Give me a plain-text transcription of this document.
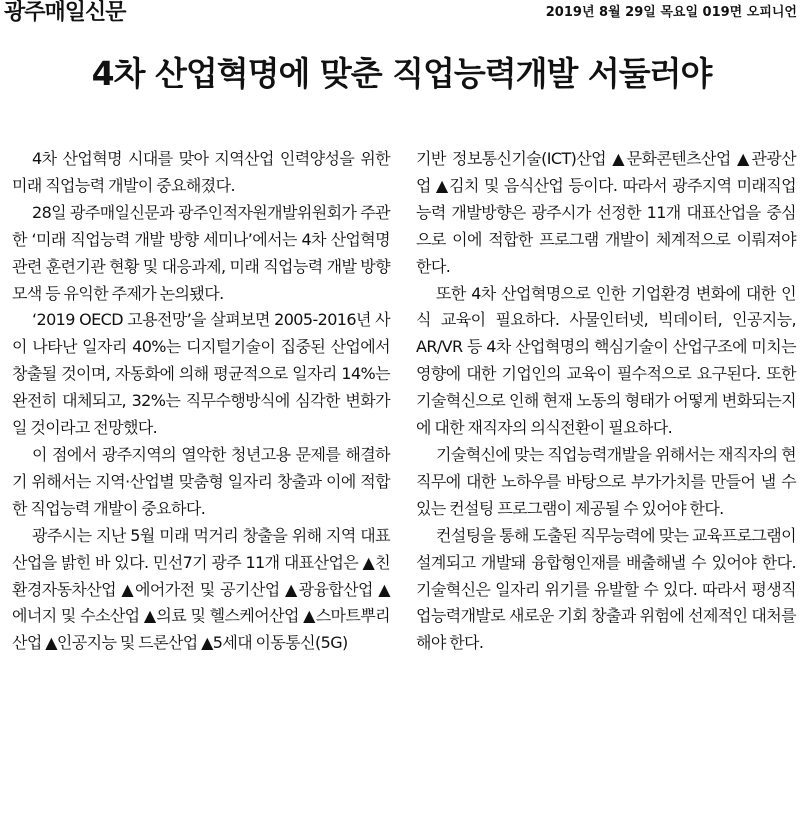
광주매일신문	2019년 8월 29일 목요일 019면 오피니언
4차 산업혁명에 맞춘 직업능력개발 서둘러야

4차 산업혁명 시대를 맞아 지역산업 인력양성을 위한 미래 직업능력 개발이 중요해졌다.

28일 광주매일신문과 광주인적자원개발위원회가 주관한 ‘미래 직업능력 개발 방향 세미나’에서는 4차 산업혁명 관련 훈련기관 현황 및 대응과제, 미래 직업능력 개발 방향 모색 등 유익한 주제가 논의됐다.

‘2019 OECD 고용전망’을 살펴보면 2005-2016년 사이 나타난 일자리 40%는 디지털기술이 집중된 산업에서 창출될 것이며, 자동화에 의해 평균적으로 일자리 14%는 완전히 대체되고, 32%는 직무수행방식에 심각한 변화가 일 것이라고 전망했다.

이 점에서 광주지역의 열악한 청년고용 문제를 해결하기 위해서는 지역·산업별 맞춤형 일자리 창출과 이에 적합한 직업능력 개발이 중요하다.

광주시는 지난 5월 미래 먹거리 창출을 위해 지역 대표산업을 밝힌 바 있다. 민선7기 광주 11개 대표산업은 ▲친환경자동차산업 ▲에어가전 및 공기산업 ▲광융합산업 ▲에너지 및 수소산업 ▲의료 및 헬스케어산업 ▲스마트뿌리산업 ▲인공지능 및 드론산업 ▲5세대 이동통신(5G)

기반 정보통신기술(ICT)산업 ▲문화콘텐츠산업 ▲관광산업 ▲김치 및 음식산업 등이다. 따라서 광주지역 미래직업능력 개발방향은 광주시가 선정한 11개 대표산업을 중심으로 이에 적합한 프로그램 개발이 체계적으로 이뤄져야 한다.

또한 4차 산업혁명으로 인한 기업환경 변화에 대한 인식 교육이 필요하다. 사물인터넷, 빅데이터, 인공지능, AR/VR 등 4차 산업혁명의 핵심기술이 산업구조에 미치는 영향에 대한 기업인의 교육이 필수적으로 요구된다. 또한 기술혁신으로 인해 현재 노동의 형태가 어떻게 변화되는지에 대한 재직자의 의식전환이 필요하다.

기술혁신에 맞는 직업능력개발을 위해서는 재직자의 현 직무에 대한 노하우를 바탕으로 부가가치를 만들어 낼 수 있는 컨설팅 프로그램이 제공될 수 있어야 한다.

컨설팅을 통해 도출된 직무능력에 맞는 교육프로그램이 설계되고 개발돼 융합형인재를 배출해낼 수 있어야 한다. 기술혁신은 일자리 위기를 유발할 수 있다. 따라서 평생직업능력개발로 새로운 기회 창출과 위험에 선제적인 대처를 해야 한다.
